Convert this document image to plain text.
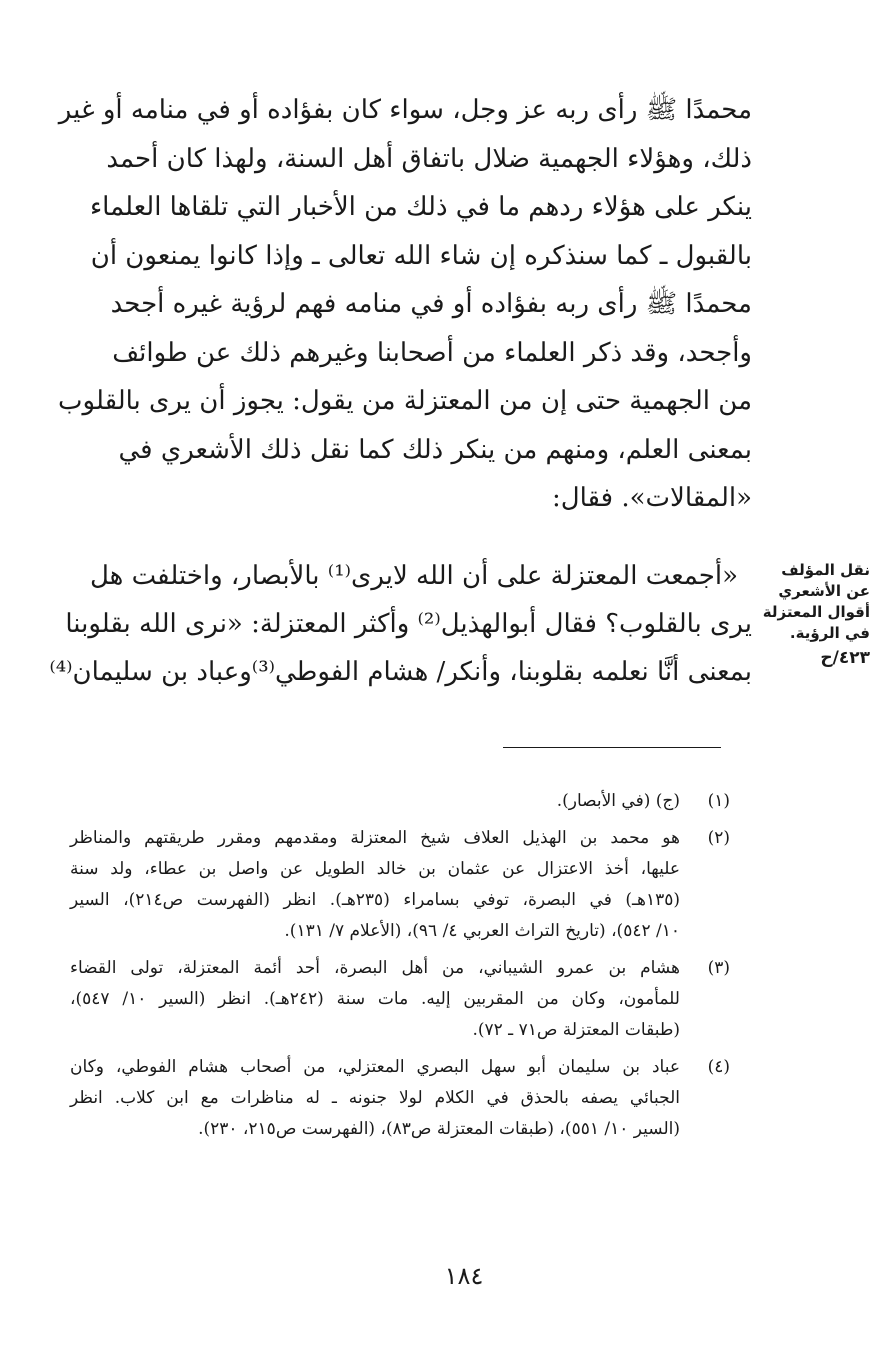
محمدًا ﷺ رأى ربه عز وجل، سواء كان بفؤاده أو في منامه أو غير
ذلك، وهؤلاء الجهمية ضلال باتفاق أهل السنة، ولهذا كان أحمد
ينكر على هؤلاء ردهم ما في ذلك من الأخبار التي تلقاها العلماء
بالقبول ـ كما سنذكره إن شاء الله تعالى ـ وإذا كانوا يمنعون أن
محمدًا ﷺ رأى ربه بفؤاده أو في منامه فهم لرؤية غيره أجحد
وأجحد، وقد ذكر العلماء من أصحابنا وغيرهم ذلك عن طوائف
من الجهمية حتى إن من المعتزلة من يقول: يجوز أن يرى بالقلوب
بمعنى العلم، ومنهم من ينكر ذلك كما نقل ذلك الأشعري في
«المقالات». فقال:
«أجمعت المعتزلة على أن الله لايرى⁽¹⁾ بالأبصار، واختلفت هل
يرى بالقلوب؟ فقال أبوالهذيل⁽²⁾ وأكثر المعتزلة: «نرى الله بقلوبنا
بمعنى أنَّا نعلمه بقلوبنا، وأنكر/ هشام الفوطي⁽³⁾وعباد بن سليمان⁽⁴⁾
نقل المؤلف عن الأشعري أقوال المعتزلة في الرؤية.
٤٢٣/ح
(١)
(ج) (في الأبصار).
(٢)
هو محمد بن الهذيل العلاف شيخ المعتزلة ومقدمهم ومقرر طريقتهم والمناظر
عليها، أخذ الاعتزال عن عثمان بن خالد الطويل عن واصل بن عطاء، ولد سنة
(١٣٥هـ) في البصرة، توفي بسامراء (٢٣٥هـ). انظر (الفهرست ص٢١٤)، السير
١٠/ ٥٤٢)، (تاريخ التراث العربي ٤/ ٩٦)، (الأعلام ٧/ ١٣١).
(٣)
هشام بن عمرو الشيباني، من أهل البصرة، أحد أئمة المعتزلة، تولى القضاء
للمأمون، وكان من المقربين إليه. مات سنة (٢٤٢هـ). انظر (السير ١٠/ ٥٤٧)،
(طبقات المعتزلة ص٧١ ـ ٧٢).
(٤)
عباد بن سليمان أبو سهل البصري المعتزلي، من أصحاب هشام الفوطي، وكان
الجبائي يصفه بالحذق في الكلام لولا جنونه ـ له مناظرات مع ابن كلاب. انظر
(السير ١٠/ ٥٥١)، (طبقات المعتزلة ص٨٣)، (الفهرست ص٢١٥، ٢٣٠).
١٨٤
